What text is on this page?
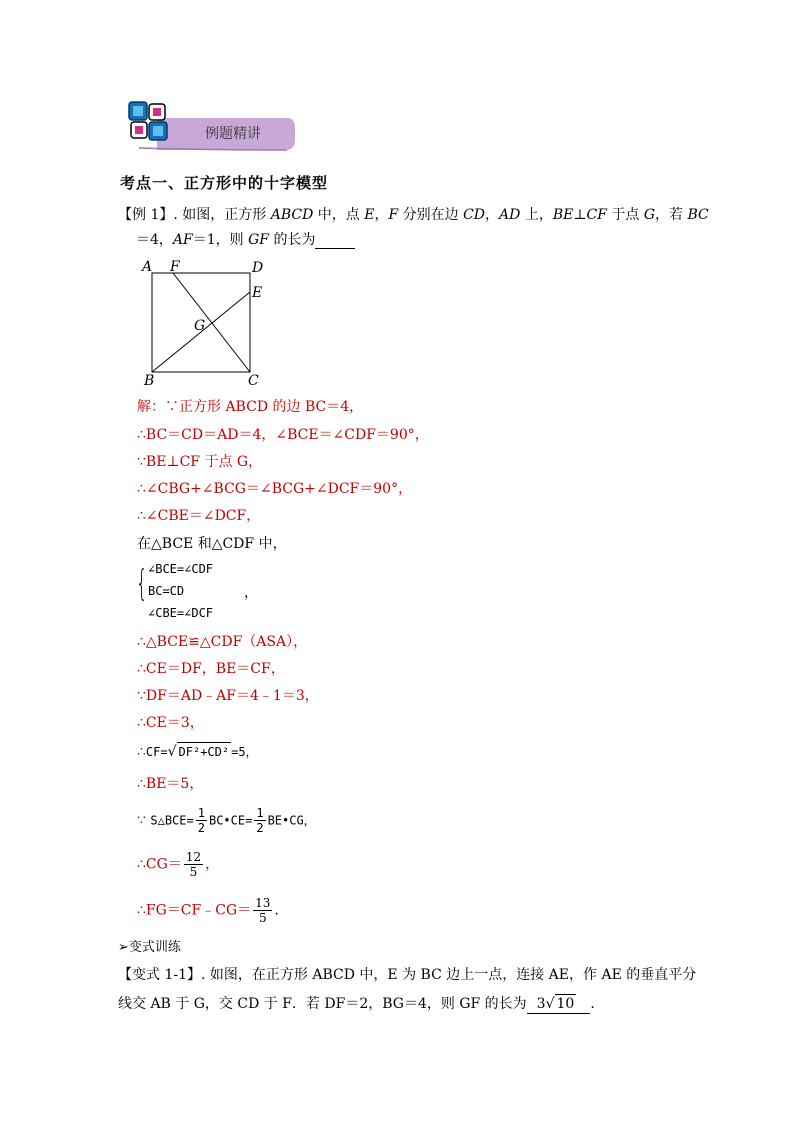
例题精讲
考点一、正方形中的十字模型
【例 1】. 如图，正方形 ABCD 中，点 E，F 分别在边 CD，AD 上，BE⊥CF 于点 G，若 BC
＝4，AF＝1，则 GF 的长为
A F	D
E
G
B	C
解：∵正方形 ABCD 的边 BC＝4，
∴BC＝CD＝AD＝4，∠BCE＝∠CDF＝90°，
∵BE⊥CF 于点 G，
∴∠CBG+∠BCG＝∠BCG+∠DCF＝90°，
∴∠CBE＝∠DCF，
在△BCE 和△CDF 中，
{ ∠BCE=∠CDF
BC=CD
∠CBE=∠DCF
，
∴△BCE≌△CDF（ASA），
∴CE＝DF，BE＝CF，
∵DF＝AD﹣AF＝4﹣1＝3，
∴CE＝3，
∴CF=√ DF²+CD² =5，
∴BE＝5，
∵ S△BCE= $\frac{1}{2}$ BC•CE= $\frac{1}{2}$ BE•CG，
∴CG＝ $\frac{12}{5}$ ，
∴FG＝CF﹣CG＝ $\frac{13}{5}$ .
➢变式训练
【变式 1-1】. 如图，在正方形 ABCD 中，E 为 BC 边上一点，连接 AE，作 AE 的垂直平分
线交 AB 于 G，交 CD 于 F．若 DF＝2，BG＝4，则 GF 的长为 3√ 10 ．
